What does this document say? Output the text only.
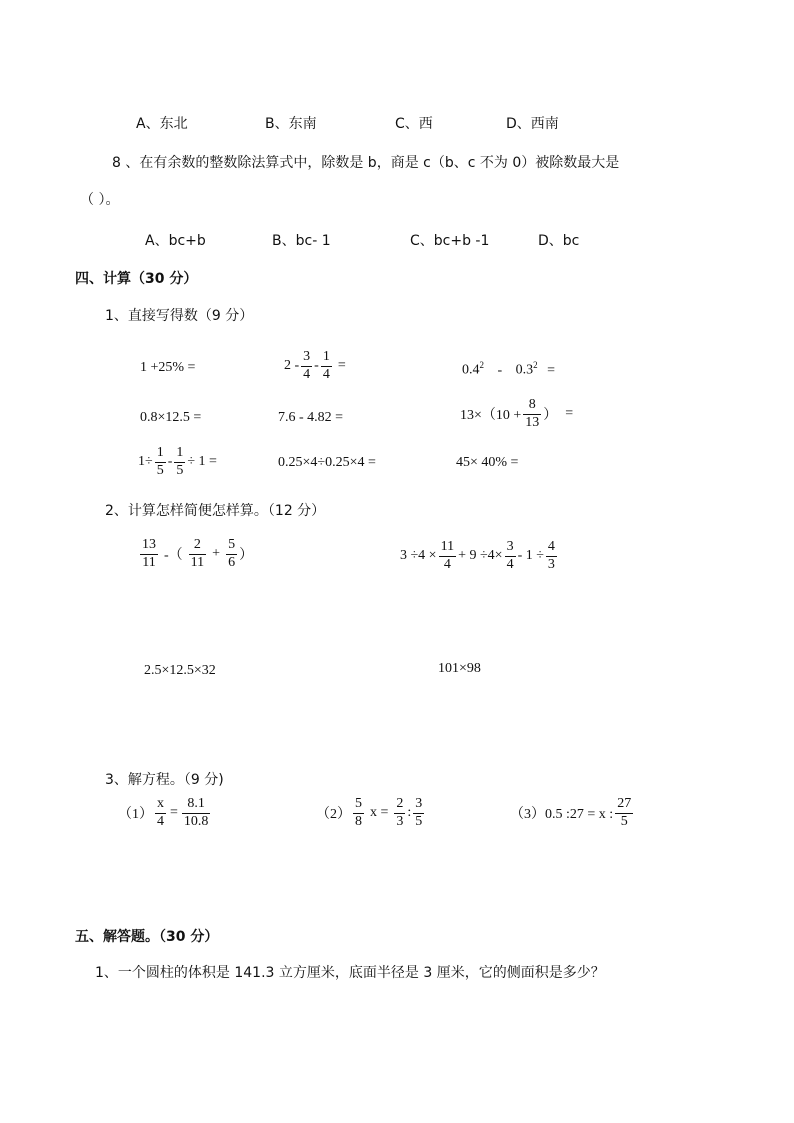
A、东北	B、东南	C、西	D、西南
8 、在有余数的整数除法算式中，除数是 b，商是 c（b、c 不为 0）被除数最大是
（ ）。
A、bc+b	B、bc- 1	C、bc+b -1	D、bc
四、计算（30 分）
1、直接写得数（9 分）
1 +25% =	$2 - \frac{3}{4} - \frac{1}{4}$ =	$0.4^2 - 0.3^2$ =
0.8×12.5 =	7.6 - 4.82 =	$13\times(10 + \frac{8}{13}$ ） =
$1\div \frac{1}{5} - \frac{1}{5} \div 1$ =	0.25×4÷0.25×4 =	45× 40% =
2、计算怎样简便怎样算。（12 分）
$\frac{13}{11}$ -（ $\frac{2}{11} + \frac{5}{6}$ ）	$3 \div 4 \times \frac{11}{4} + 9 \div 4\times \frac{3}{4} - 1 \div \frac{4}{3}$
2.5×12.5×32	101×98
3、解方程。（9 分)
$(1) \frac{x}{4} = \frac{8.1}{10.8}$	$(2) \frac{5}{8}$ $x = \frac{2}{3}$ : $\frac{3}{5}$	（3）0.5 :27 = x : $\frac{27}{5}$
五、解答题。（30 分）
1、一个圆柱的体积是 141.3 立方厘米，底面半径是 3 厘米，它的侧面积是多少？
